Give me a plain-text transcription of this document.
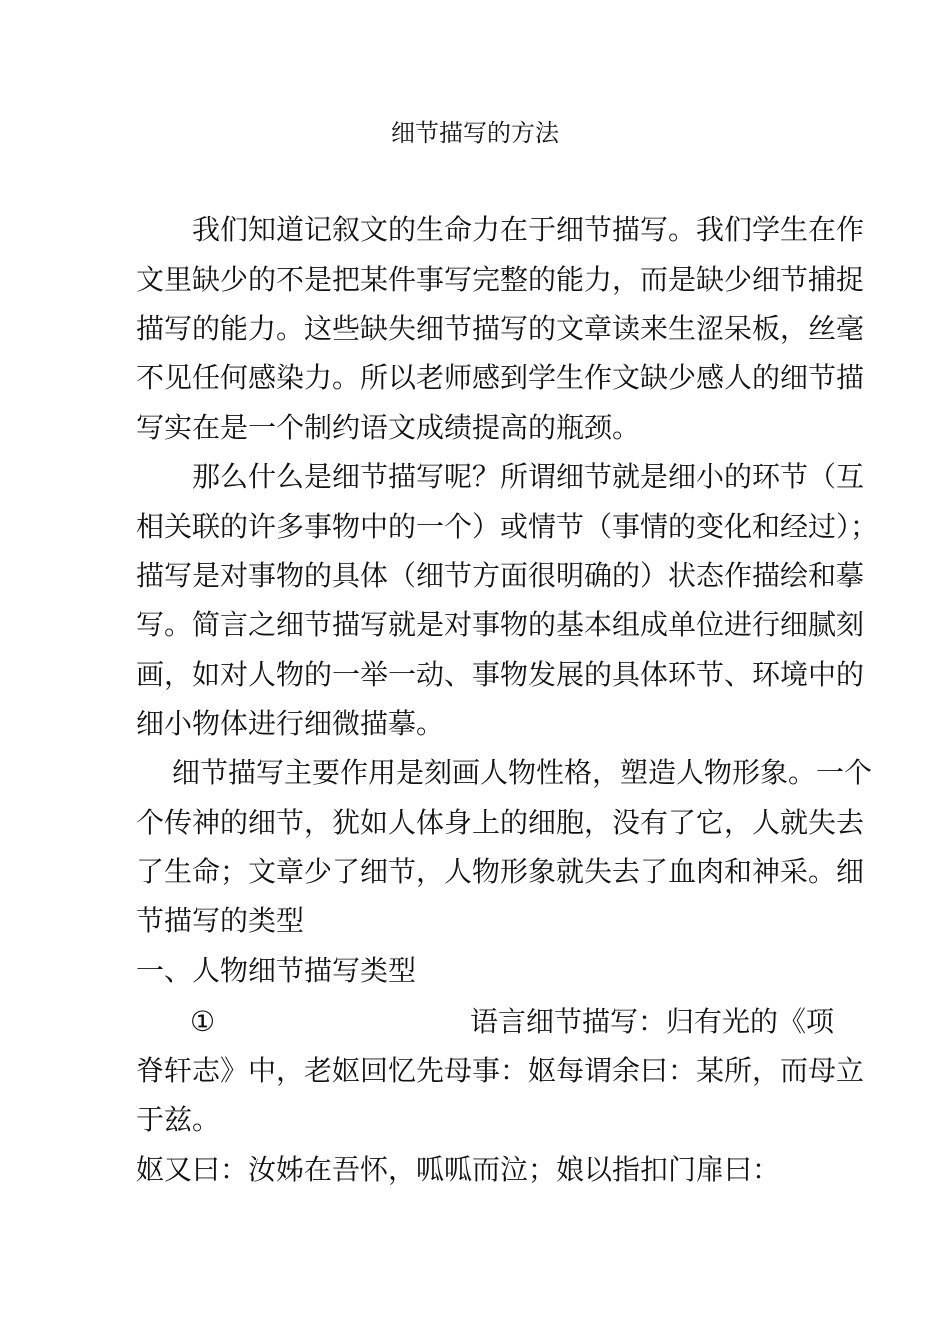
细节描写的方法
　　我们知道记叙文的生命力在于细节描写。我们学生在作
文里缺少的不是把某件事写完整的能力，而是缺少细节捕捉
描写的能力。这些缺失细节描写的文章读来生涩呆板，丝毫
不见任何感染力。所以老师感到学生作文缺少感人的细节描
写实在是一个制约语文成绩提高的瓶颈。
　　那么什么是细节描写呢？所谓细节就是细小的环节（互
相关联的许多事物中的一个）或情节（事情的变化和经过）；
描写是对事物的具体（细节方面很明确的）状态作描绘和摹
写。简言之细节描写就是对事物的基本组成单位进行细腻刻
画，如对人物的一举一动、事物发展的具体环节、环境中的
细小物体进行细微描摹。
细节描写主要作用是刻画人物性格，塑造人物形象。一个
个传神的细节，犹如人体身上的细胞，没有了它，人就失去
了生命；文章少了细节，人物形象就失去了血肉和神采。细
节描写的类型
一、人物细节描写类型
①	语言细节描写：归有光的《项
脊轩志》中，老妪回忆先母事：妪每谓余曰：某所，而母立
于兹。
妪又曰：汝姊在吾怀，呱呱而泣；娘以指扣门扉曰：
